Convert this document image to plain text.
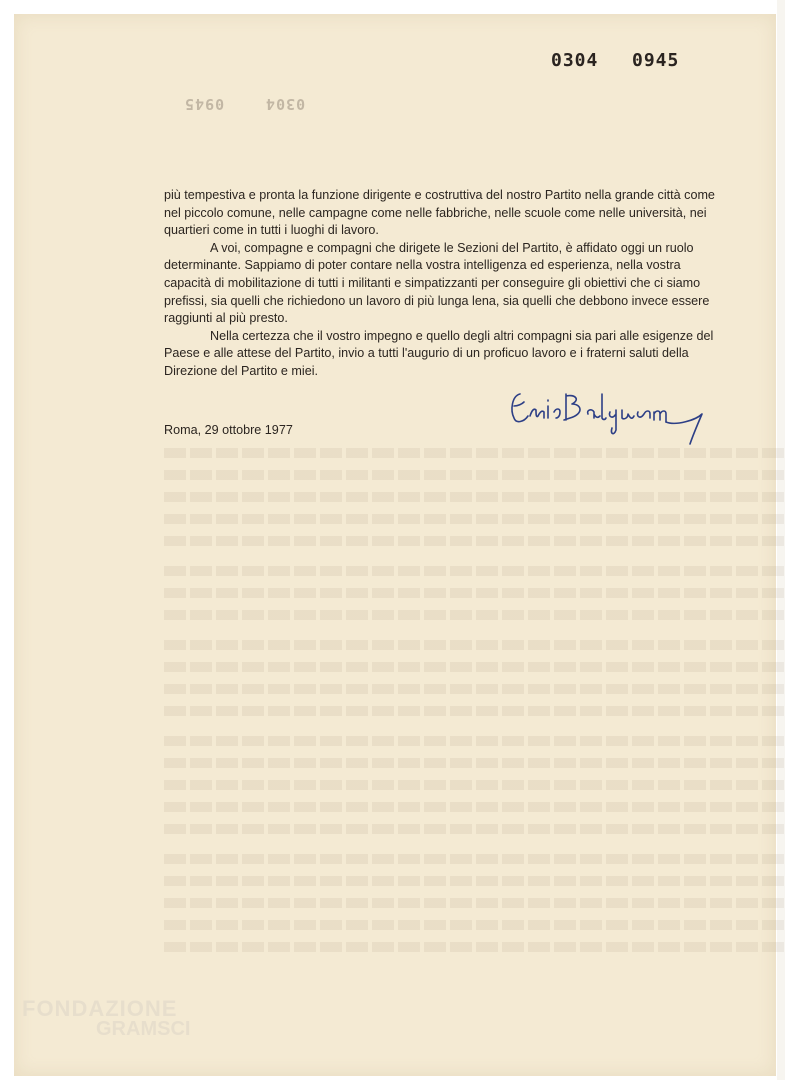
0304 0945
0945	0304

più tempestiva e pronta la funzione dirigente e costruttiva del nostro Partito nella grande città come nel piccolo comune, nelle campagne come nelle fabbriche, nelle scuole come nelle università, nei quartieri come in tutti i luoghi di lavoro.

A voi, compagne e compagni che dirigete le Sezioni del Partito, è affidato oggi un ruolo determinante. Sappiamo di poter contare nella vostra intelligenza ed esperienza, nella vostra capacità di mobilitazione di tutti i militanti e simpatizzanti per conseguire gli obiettivi che ci siamo prefissi, sia quelli che richiedono un lavoro di più lunga lena, sia quelli che debbono invece essere raggiunti al più presto.

Nella certezza che il vostro impegno e quello degli altri compagni sia pari alle esigenze del Paese e alle attese del Partito, invio a tutti l'augurio di un proficuo lavoro e i fraterni saluti della Direzione del Partito e miei.

Roma, 29 ottobre 1977
FONDAZIONE
GRAMSCI
